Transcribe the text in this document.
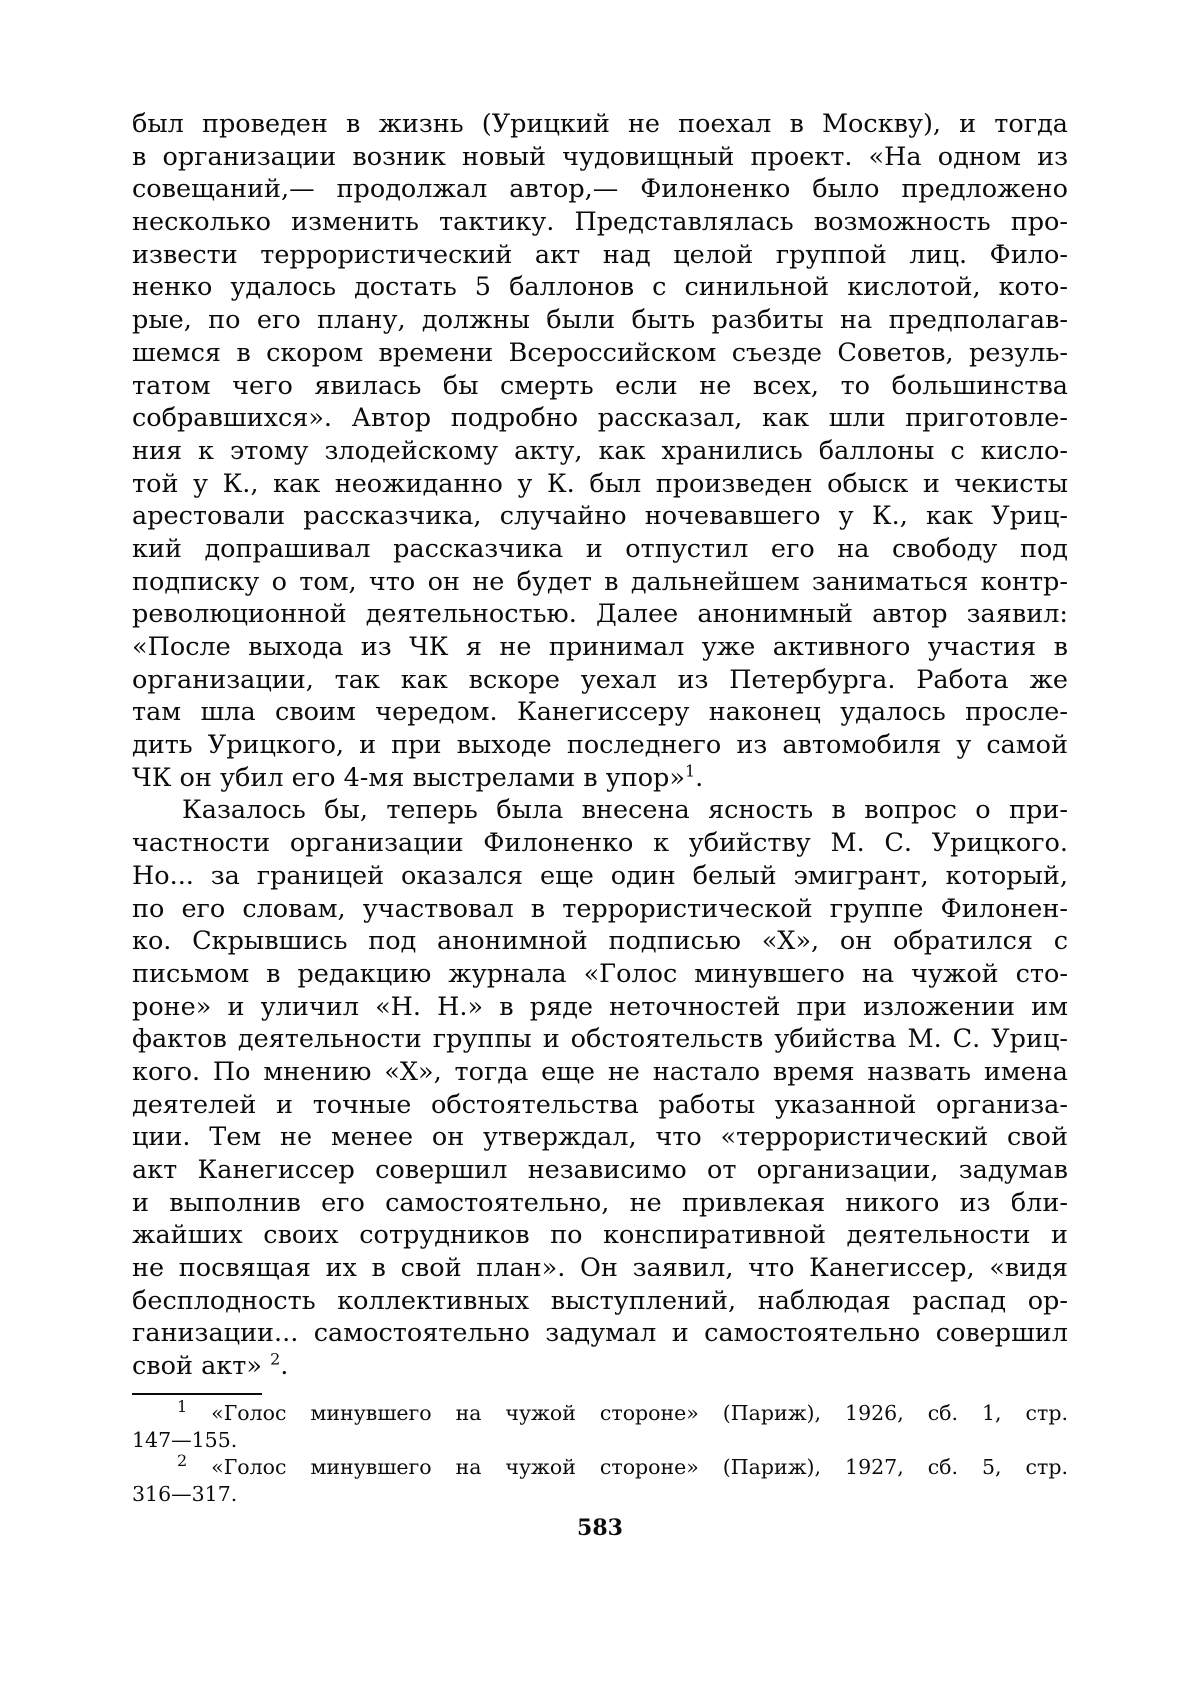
был проведен в жизнь (Урицкий не поехал в Москву), и тогда
в организации возник новый чудовищный проект. «На одном из
совещаний,— продолжал автор,— Филоненко было предложено
несколько изменить тактику. Представлялась возможность про-
извести террористический акт над целой группой лиц. Фило-
ненко удалось достать 5 баллонов с синильной кислотой, кото-
рые, по его плану, должны были быть разбиты на предполагав-
шемся в скором времени Всероссийском съезде Советов, резуль-
татом чего явилась бы смерть если не всех, то большинства
собравшихся». Автор подробно рассказал, как шли приготовле-
ния к этому злодейскому акту, как хранились баллоны с кисло-
той у К., как неожиданно у К. был произведен обыск и чекисты
арестовали рассказчика, случайно ночевавшего у К., как Уриц-
кий допрашивал рассказчика и отпустил его на свободу под
подписку о том, что он не будет в дальнейшем заниматься контр-
революционной деятельностью. Далее анонимный автор заявил:
«После выхода из ЧК я не принимал уже активного участия в
организации, так как вскоре уехал из Петербурга. Работа же
там шла своим чередом. Канегиссеру наконец удалось просле-
дить Урицкого, и при выходе последнего из автомобиля у самой
ЧК он убил его 4-мя выстрелами в упор»$^1$.
Казалось бы, теперь была внесена ясность в вопрос о при-
частности организации Филоненко к убийству М. С. Урицкого.
Но... за границей оказался еще один белый эмигрант, который,
по его словам, участвовал в террористической группе Филонен-
ко. Скрывшись под анонимной подписью «X», он обратился с
письмом в редакцию журнала «Голос минувшего на чужой сто-
роне» и уличил «Н. Н.» в ряде неточностей при изложении им
фактов деятельности группы и обстоятельств убийства М. С. Уриц-
кого. По мнению «X», тогда еще не настало время назвать имена
деятелей и точные обстоятельства работы указанной организа-
ции. Тем не менее он утверждал, что «террористический свой
акт Канегиссер совершил независимо от организации, задумав
и выполнив его самостоятельно, не привлекая никого из бли-
жайших своих сотрудников по конспиративной деятельности и
не посвящая их в свой план». Он заявил, что Канегиссер, «видя
бесплодность коллективных выступлений, наблюдая распад ор-
ганизации... самостоятельно задумал и самостоятельно совершил
свой акт» $^2$.
$^1$ «Голос минувшего на чужой стороне» (Париж), 1926, сб. 1, стр.
147—155.
$^2$ «Голос минувшего на чужой стороне» (Париж), 1927, сб. 5, стр.
316—317.
583
